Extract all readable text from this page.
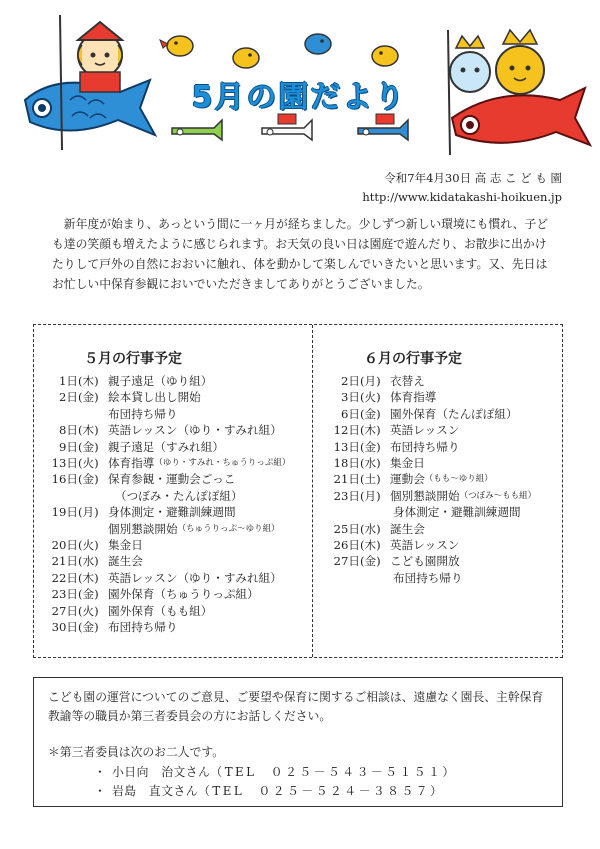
5月の園だより
令和7年4月30日 高 志 こ ど も 園
http://www.kidatakashi-hoikuen.jp

新年度が始まり、あっという間に一ヶ月が経ちました。少しずつ新しい環境にも慣れ、子ども達の笑顔も増えたように感じられます。お天気の良い日は園庭で遊んだり、お散歩に出かけたりして戸外の自然におおいに触れ、体を動かして楽しんでいきたいと思います。又、先日はお忙しい中保育参観においでいただきましてありがとうございました。

５月の行事予定	６月の行事予定
1日 (木) 親子遠足（ゆり組）
2日 (金) 絵本貸し出し開始
布団持ち帰り
8日 (木) 英語レッスン（ゆり・すみれ組）
9日 (金) 親子遠足（すみれ組）
13日 (火) 体育指導 （ゆり・すみれ・ちゅうりっぷ組）
16日 (金) 保育参観・運動会ごっこ
（つぼみ・たんぽぽ組）
19日 (月) 身体測定・避難訓練週間
個別懇談開始 （ちゅうりっぷ～ゆり組）
20日 (火) 集金日
21日 (水) 誕生会
22日 (木) 英語レッスン（ゆり・すみれ組）
23日 (金) 園外保育（ちゅうりっぷ組）
27日 (火) 園外保育（もも組）
30日 (金) 布団持ち帰り
2日 (月) 衣替え
3日 (火) 体育指導
6日 (金) 園外保育（たんぽぽ組）
12日 (木) 英語レッスン
13日 (金) 布団持ち帰り
18日 (水) 集金日
21日 (土) 運動会 （もも～ゆり組）
23日 (月) 個別懇談開始 （つぼみ～もも組）
身体測定・避難訓練週間
25日 (水) 誕生会
26日 (木) 英語レッスン
27日 (金) こども園開放
布団持ち帰り

こども園の運営についてのご意見、ご要望や保育に関するご相談は、遠慮なく園長、主幹保育教諭等の職員か第三者委員会の方にお話しください。

＊第三者委員は次のお二人です。

・ 小日向　治文さん（TEL　０２５－５４３－５１５１）

・ 岩島　直文さん（TEL　０２５－５２４－３８５７）
